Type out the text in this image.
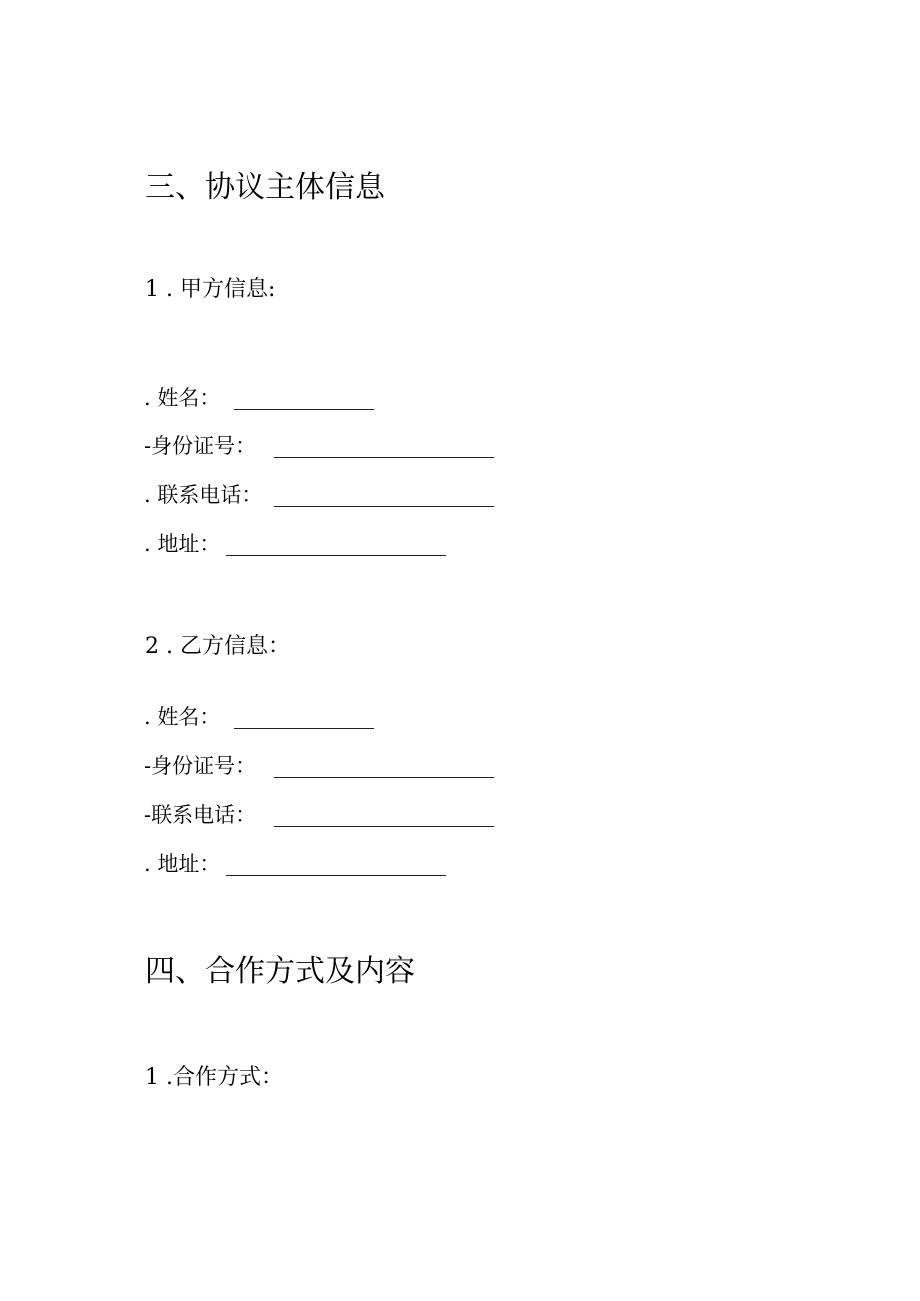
三、协议主体信息
1 . 甲方信息:
. 姓名：
-身份证号：
. 联系电话：
. 地址：
2 . 乙方信息：
. 姓名：
-身份证号：
-联系电话：
. 地址：
四、合作方式及内容
1 .合作方式：
